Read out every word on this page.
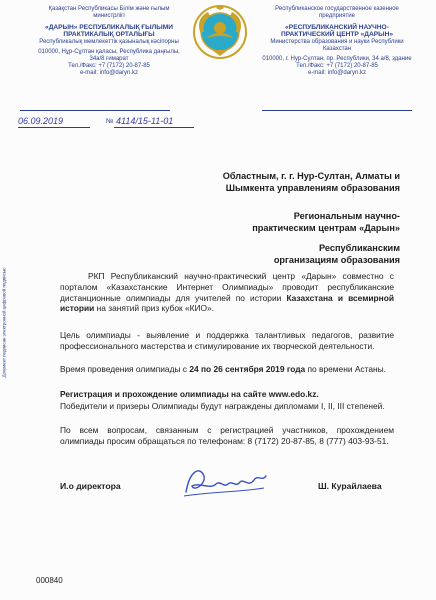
Қазақстан Республикасы Білім және ғылым министрлігі
«ДАРЫН» РЕСПУБЛИКАЛЫҚ ҒЫЛЫМИ ПРАКТИКАЛЫҚ ОРТАЛЫҒЫ
Республикалық мемлекеттік қазыналық кәсіпорны
010000, Нұр-Сұлтан қаласы, Республика даңғылы, 34а/8 ғимарат
Тел./Факс: +7 (7172) 20-87-85
e-mail: info@daryn.kz
Республиканское государственное казенное предприятие
«РЕСПУБЛИКАНСКИЙ НАУЧНО-ПРАКТИЧЕСКИЙ ЦЕНТР «ДАРЫН»
Министерства образования и науки Республики Казахстан
010000, г. Нур-Султан, пр. Республики, 34 а/8, здание
Тел./Факс: +7 (7172) 20-87-85
e-mail: info@daryn.kz
06.09.2019	№ 4114/15-11-01
Областным, г. г. Нур-Султан, Алматы и
Шымкента управлениям образования
Региональным научно-
практическим центрам «Дарын»
Республиканским
организациям образования
РКП Республиканский научно-практический центр «Дарын» совместно с порталом «Казахстанские Интернет Олимпиады» проводит республиканские дистанционные олимпиады для учителей по истории Казахстана и всемирной истории на занятий приз кубок «КИО».
Цель олимпиады - выявление и поддержка талантливых педагогов, развитие профессионального мастерства и стимулирование их творческой деятельности.
Время проведения олимпиады с 24 по 26 сентября 2019 года по времени Астаны.
Регистрация и прохождение олимпиады на сайте www.edo.kz.
Победители и призеры Олимпиады будут награждены дипломами I, II, III степеней.
По всем вопросам, связанным с регистрацией участников, прохождением олимпиады просим обращаться по телефонам: 8 (7172) 20-87-85, 8 (777) 403-93-51.
И.о директора	Ш. Курайлаева
Документ подписан электронной цифровой подписью
000840
